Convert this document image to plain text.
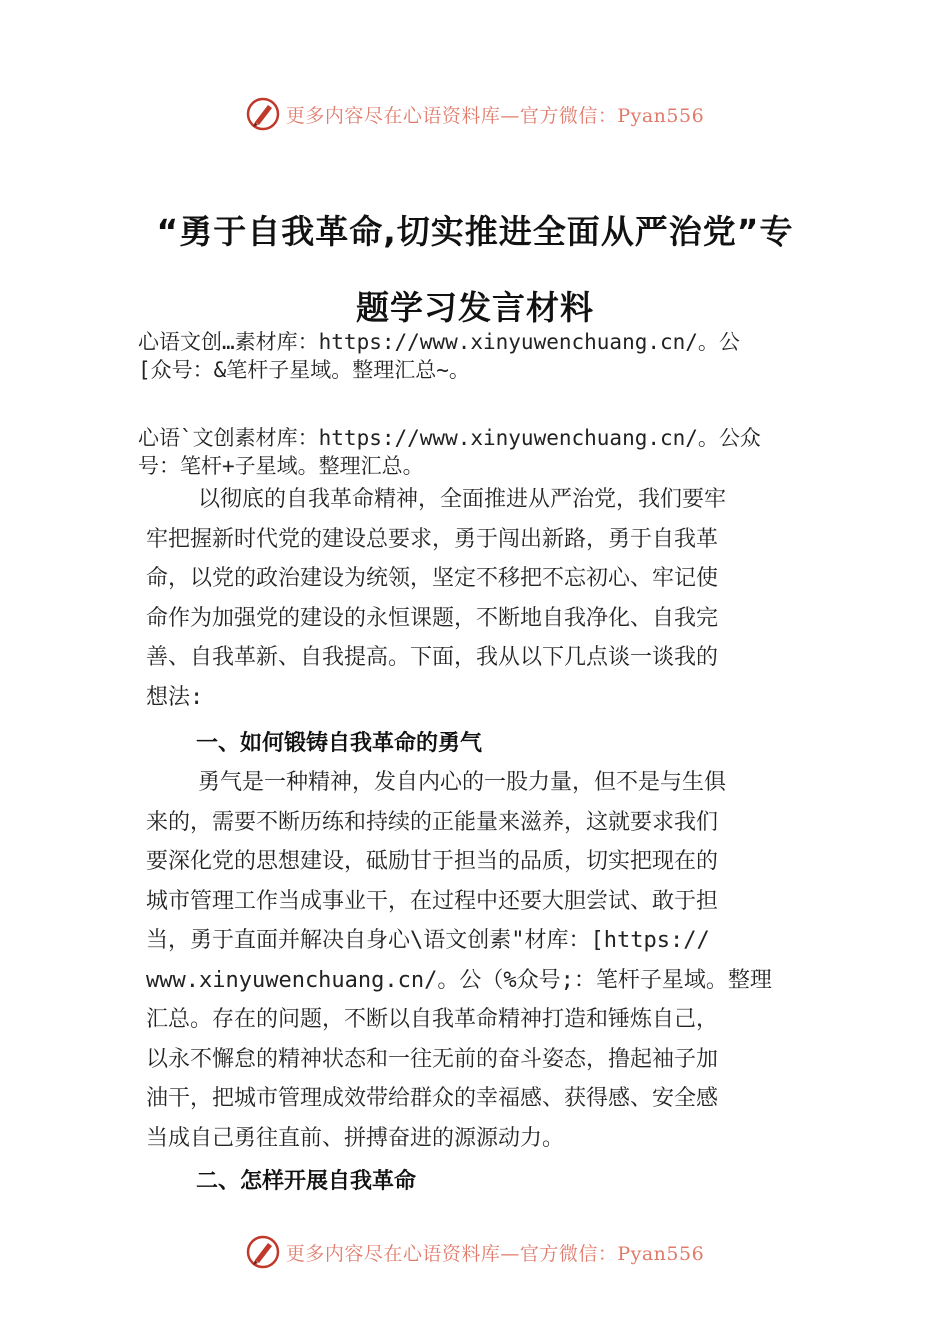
更多内容尽在心语资料库—官方微信：Pyan556
“勇于自我革命,切实推进全面从严治党”专
题学习发言材料
心语文创…素材库：https://www.xinyuwenchuang.cn/。公
[众号：&笔杆子星域。整理汇总~。
心语`文创素材库：https://www.xinyuwenchuang.cn/。公众
号：笔杆+子星域。整理汇总。
以彻底的自我革命精神，全面推进从严治党，我们要牢
牢把握新时代党的建设总要求，勇于闯出新路，勇于自我革
命，以党的政治建设为统领，坚定不移把不忘初心、牢记使
命作为加强党的建设的永恒课题，不断地自我净化、自我完
善、自我革新、自我提高。下面，我从以下几点谈一谈我的
想法:
一、如何锻铸自我革命的勇气
勇气是一种精神，发自内心的一股力量，但不是与生俱
来的，需要不断历练和持续的正能量来滋养，这就要求我们
要深化党的思想建设，砥励甘于担当的品质，切实把现在的
城市管理工作当成事业干，在过程中还要大胆尝试、敢于担
当，勇于直面并解决自身心\语文创素"材库：[https://
www.xinyuwenchuang.cn/。公（%众号;：笔杆子星域。整理
汇总。存在的问题，不断以自我革命精神打造和锤炼自己，
以永不懈怠的精神状态和一往无前的奋斗姿态，撸起袖子加
油干，把城市管理成效带给群众的幸福感、获得感、安全感
当成自己勇往直前、拼搏奋进的源源动力。
二、怎样开展自我革命
更多内容尽在心语资料库—官方微信：Pyan556
